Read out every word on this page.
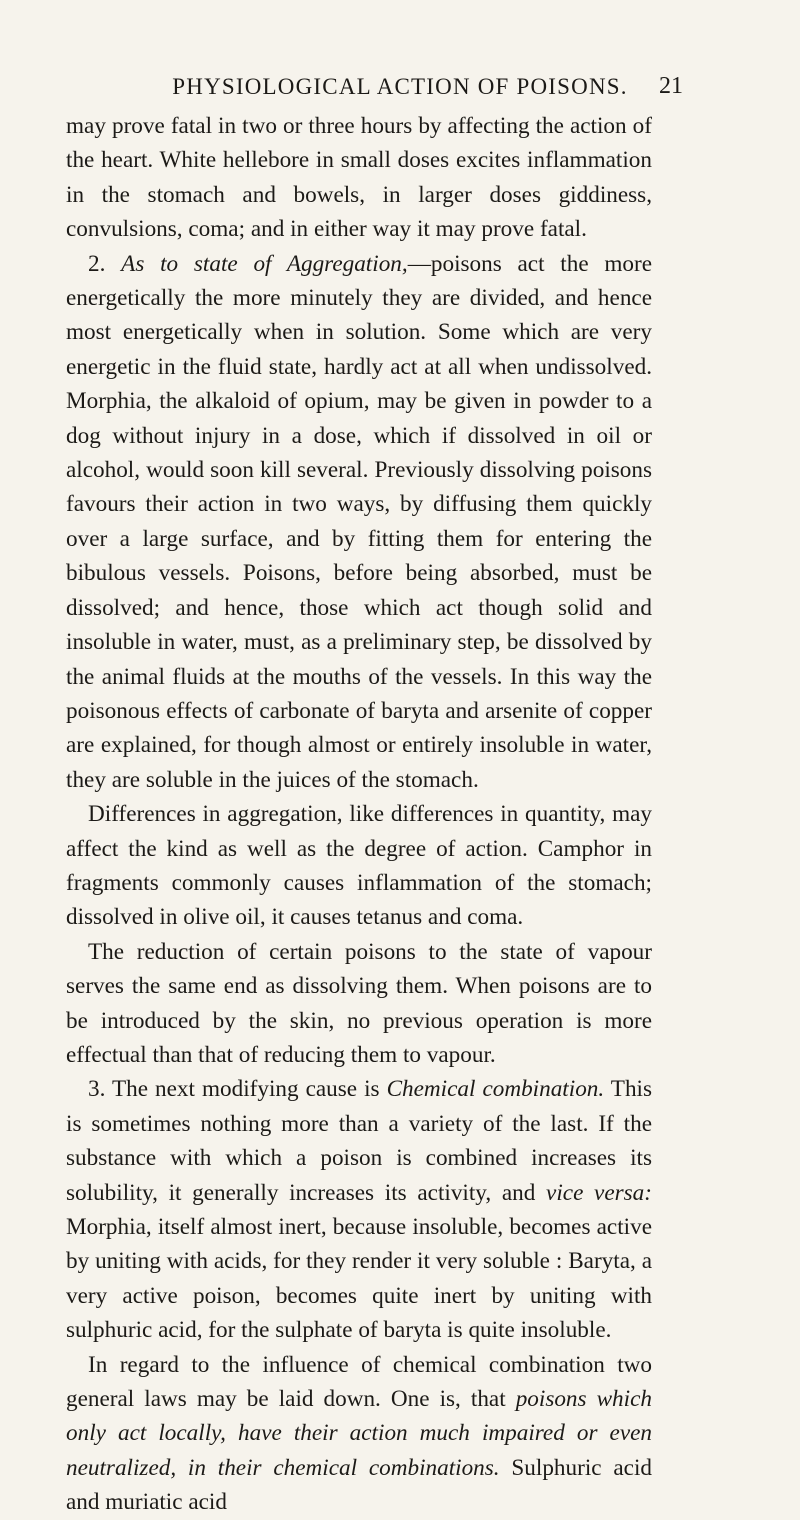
PHYSIOLOGICAL ACTION OF POISONS.	21

may prove fatal in two or three hours by affecting the action of the heart. White hellebore in small doses excites inflammation in the stomach and bowels, in larger doses giddiness, convulsions, coma; and in either way it may prove fatal.

2. As to state of Aggregation,—poisons act the more energetically the more minutely they are divided, and hence most energetically when in solution. Some which are very energetic in the fluid state, hardly act at all when undissolved. Morphia, the alkaloid of opium, may be given in powder to a dog without injury in a dose, which if dissolved in oil or alcohol, would soon kill several. Previously dissolving poisons favours their action in two ways, by diffusing them quickly over a large surface, and by fitting them for entering the bibulous vessels. Poisons, before being absorbed, must be dissolved; and hence, those which act though solid and insoluble in water, must, as a preliminary step, be dissolved by the animal fluids at the mouths of the vessels. In this way the poisonous effects of carbonate of baryta and arsenite of copper are explained, for though almost or entirely insoluble in water, they are soluble in the juices of the stomach.

Differences in aggregation, like differences in quantity, may affect the kind as well as the degree of action. Camphor in fragments commonly causes inflammation of the stomach; dissolved in olive oil, it causes tetanus and coma.

The reduction of certain poisons to the state of vapour serves the same end as dissolving them. When poisons are to be introduced by the skin, no previous operation is more effectual than that of reducing them to vapour.

3. The next modifying cause is Chemical combination. This is sometimes nothing more than a variety of the last. If the substance with which a poison is combined increases its solubility, it generally increases its activity, and vice versa: Morphia, itself almost inert, because insoluble, becomes active by uniting with acids, for they render it very soluble : Baryta, a very active poison, becomes quite inert by uniting with sulphuric acid, for the sulphate of baryta is quite insoluble.

In regard to the influence of chemical combination two general laws may be laid down. One is, that poisons which only act locally, have their action much impaired or even neutralized, in their chemical combinations. Sulphuric acid and muriatic acid
